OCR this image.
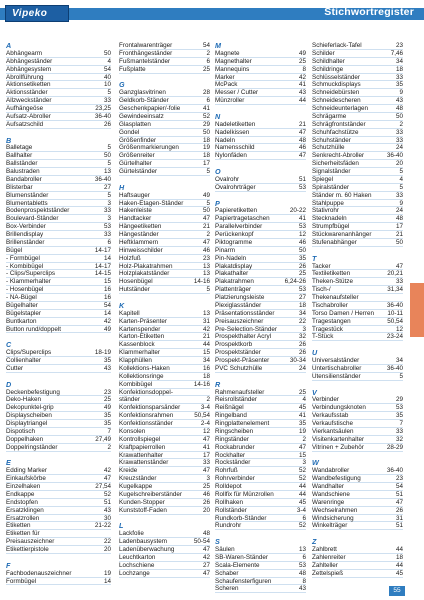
Vipeko	Stichwortregister
A
Abhängearm	50
Abhängeständer	4
Abhängesystem	54
Abrollführung	40
Aktionsetiketten	10
Aktionsständer	5
Allzweckständer	33
Aufhängeöse	23,25
Aufsatz-Abroller	36-40
Aufsatzschild	26
B
Balletage	5
Ballhalter	50
Ballständer	5
Balustraden	13
Bandabroller	36-40
Blisterbar	27
Blumenständer	5
Blumentabletts	3
Bodenprospektständer	33
Boulevard-Ständer	3
Box-Verbinder	53
Brillendisplay	33
Brillenständer	6
Bügel	14-17
- Formbügel	14
- Kombibügel	14-17
- Clips/Superclips	14-15
- Klammerhalter	15
- Hosenbügel	16
- NA-Bügel	16
Bügelhalter	54
Bügelstapler	14
Buntkarton	42
Button rund/doppelt	49
C
Clips/Superclips	18-19
Collienhalter	35
Cutter	43
D
Deckenbefestigung	23
Deko-Haken	25
Dekopunktel-grip	49
Displayscheiben	35
Displaytriangel	35
Dispotisch	7
Doppelhaken	27,49
Doppelringständer	2
E
Edding Marker	42
Einkaufskörbe	47
Einzelhaken	27,54
Endkappe	52
Endstopfen	51
Ersatzklingen	43
Ersatzrollen	30
Etiketten	21-22
Etiketten für
Preisauszeichner	22
Etikettierpistole	20
F
Fachbodenauszeichner	19
Formbügel	14
Frontalwarenträger	54
Fronthängeständer	2
Fußmantelständer	6
Fußplatte	25
G
Ganzglasvitrinen	28
Geldkorb-Ständer	6
Geschenkpapier/-folie	41
Gewindeeinsatz	52
Glasplatten	29
Gondel	50
Größenfinder	18
Größenmarkierungen	19
Größenreiter	18
Gürtelhalter	17
Gürtelständer	5
H
Haftsauger	49
Haken-Etagen-Ständer	5
Hakenleiste	50
Handtacker	47
Hängeetiketten	21
Hängeständer	2
Heftklammern	47
Hinweisschilder	46
Holzfuß	23
Holz-Plakatrahmen	13
Holzplakatständer	13
Hosenbügel	14-16
Hutständer	5
K
Kapitell	13
Karten-Präsenter	31
Kartenspender	42
Karton-Etiketten	21
Kassenblock	44
Klammerhalter	15
Klapphüllen	34
Kollektions-Haken	16
Kollektionsringe	18
Kombibügel	14-16
Konfektionsdoppel-
ständer	2
Konfektionsparsänder	3-4
Konfektionsrahmen	50,54
Konfektionsständer	2-4
Konsolen	12
Kontrollspiegel	47
Kraftpapierrollen	41
Krawattenhalter	17
Krawattenständer	33
Kreide	47
Kreuzständer	3
Kugelkappe	25
Kugelschreiberständer	46
Kunden-Stopper	26
Kunststoff-Faden	20
L
Lackfolie	48
Ladenbausystem	50-54
Ladenüberwachung	47
Leuchtkarton	42
Lochschiene	27
Lochzange	47
M
Magnete	49
Magnethalter	25
Mannequins	8
Marker	42
McPack	41
Messer / Cutter	43
Münzroller	44
N
Nadeletiketten	21
Nadelkissen	47
Nadeln	48
Namensschild	46
Nylonfäden	47
O
Ovalrohr	51
Ovalrohrträger	53
P
Papieretiketten	20-22
Papiertragetaschen	41
Parallelverbinder	53
Perückenkopf	12
Piktogramme	46
Pinarm	50
Pin-Nadeln	35
Plakatdisplay	26
Plakathalter	25
Plakatrahmen	6,24-26
Plattenträger	53
Platzierungsleiste	27
Plexiglasständer	18
Präsentationsständer	34
Preisauszeichner	22
Pre-Selection-Ständer	3
Prospekthalter Acryl	32
Prospektkorb	26
Prospektständer	26
Prospekt-Präsenter	30-34
PVC Schutzhülle	24
R
Rahmenaufsteller	25
Reisrollständer	4
Reißnägel	45
Ringelband	41
Ringplattenelement	35
Ringscheiben	19
Ringständer	2
Rockabrunder	47
Rockhalter	15
Rockständer	3
Rohrfuß	52
Rohrverbinder	52
Rolldepot	44
Rollfix für Münzrollen	44
Rollhaken	45
Rollständer	3-4
Rundkorb-Ständer	6
Rundrohr	52
S
Säulen	13
SB-Waren-Ständer	6
Scala-Elemente	53
Schaber	48
Schaufensterfiguren	8
Scheren	43
Schieferlack-Tafel	23
Schilder	7,46
Schildhalter	34
Schildringe	18
Schlüsselständer	33
Schmuckdisplays	35
Schneidebürsten	9
Schneidescheren	43
Schneideunterlagen	48
Schrägarme	50
Schrägfrontständer	2
Schuhfachstütze	33
Schuhständer	33
Schutzhülle	24
Senkrecht-Abroller	36-40
Sicherheitsfäden	20
Signalständer	5
Spiegel	4
Spiralständer	5
Ständer m. 60 Haken	33
Stahlpuppe	9
Stativrohr	24
Stecknadeln	48
Strumpfbügel	17
Stückwarenanhänger	21
Stufenabhänger	50
T
Tacker	47
Textiletiketten	20,21
Theken-Stütze	33
Tisch-/	31,34
Thekenaufsteller
Tischabroller	36-40
Torso Damen / Herren 10-11
Tragestangen	50,54
Tragestück	12
T-Stück	23-24
U
Universalständer	34
Untertischabroller	36-40
Utensilienständer	5
V
Verbinder	29
Verbindungsknoten	53
Verkaufsstab	35
Verkaufstische	7
Vierkantsäulen	33
Visitenkartenhalter	32
Vitrinen + Zubehör	28-29
W
Wandabroller	36-40
Wandbefestigung	23
Wandhalter	54
Wandschiene	51
Warenringe	47
Wechselrahmen	26
Windsicherung	31
Winkelträger	51
Z
Zahlbrett	44
Zahlenreiter	18
Zahlteller	44
Zettelspieß	45
55
